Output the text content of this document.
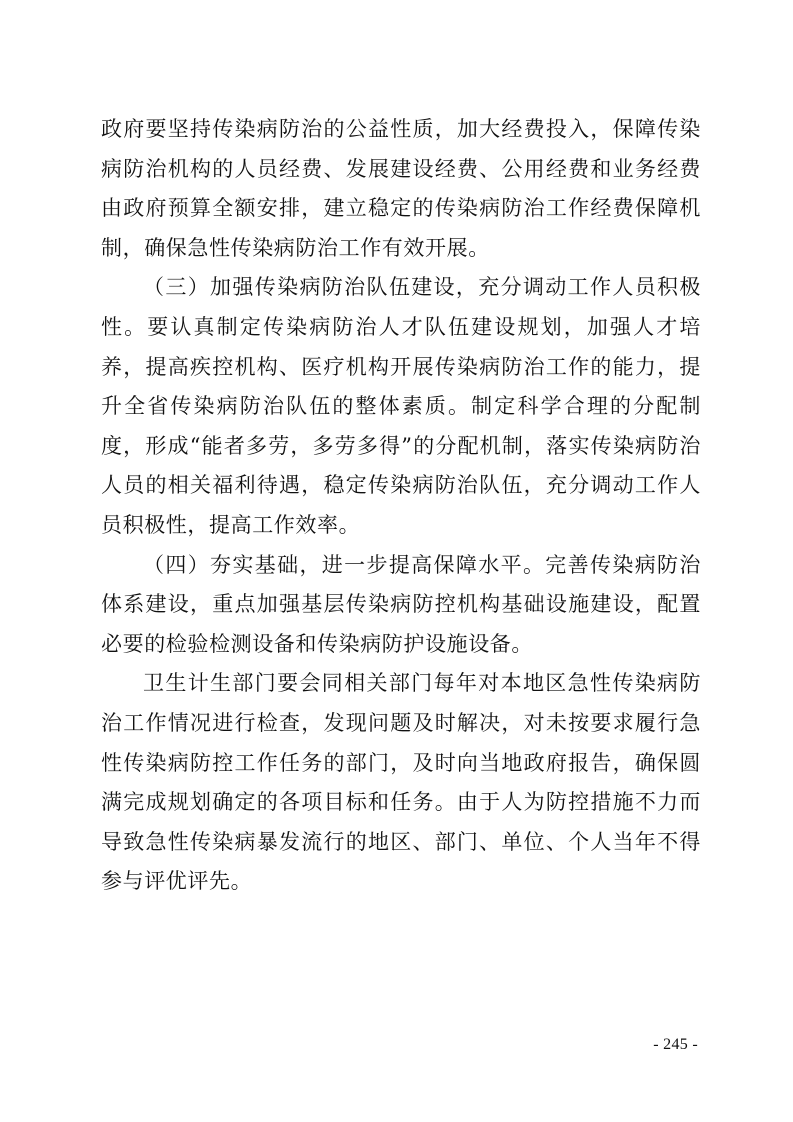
政府要坚持传染病防治的公益性质，加大经费投入，保障传染病防治机构的人员经费、发展建设经费、公用经费和业务经费由政府预算全额安排，建立稳定的传染病防治工作经费保障机制，确保急性传染病防治工作有效开展。

（三）加强传染病防治队伍建设，充分调动工作人员积极性。要认真制定传染病防治人才队伍建设规划，加强人才培养，提高疾控机构、医疗机构开展传染病防治工作的能力，提升全省传染病防治队伍的整体素质。制定科学合理的分配制度，形成“能者多劳，多劳多得”的分配机制，落实传染病防治人员的相关福利待遇，稳定传染病防治队伍，充分调动工作人员积极性，提高工作效率。

（四）夯实基础，进一步提高保障水平。完善传染病防治体系建设，重点加强基层传染病防控机构基础设施建设，配置必要的检验检测设备和传染病防护设施设备。

卫生计生部门要会同相关部门每年对本地区急性传染病防治工作情况进行检查，发现问题及时解决，对未按要求履行急性传染病防控工作任务的部门，及时向当地政府报告，确保圆满完成规划确定的各项目标和任务。由于人为防控措施不力而导致急性传染病暴发流行的地区、部门、单位、个人当年不得参与评优评先。

- 245 -
